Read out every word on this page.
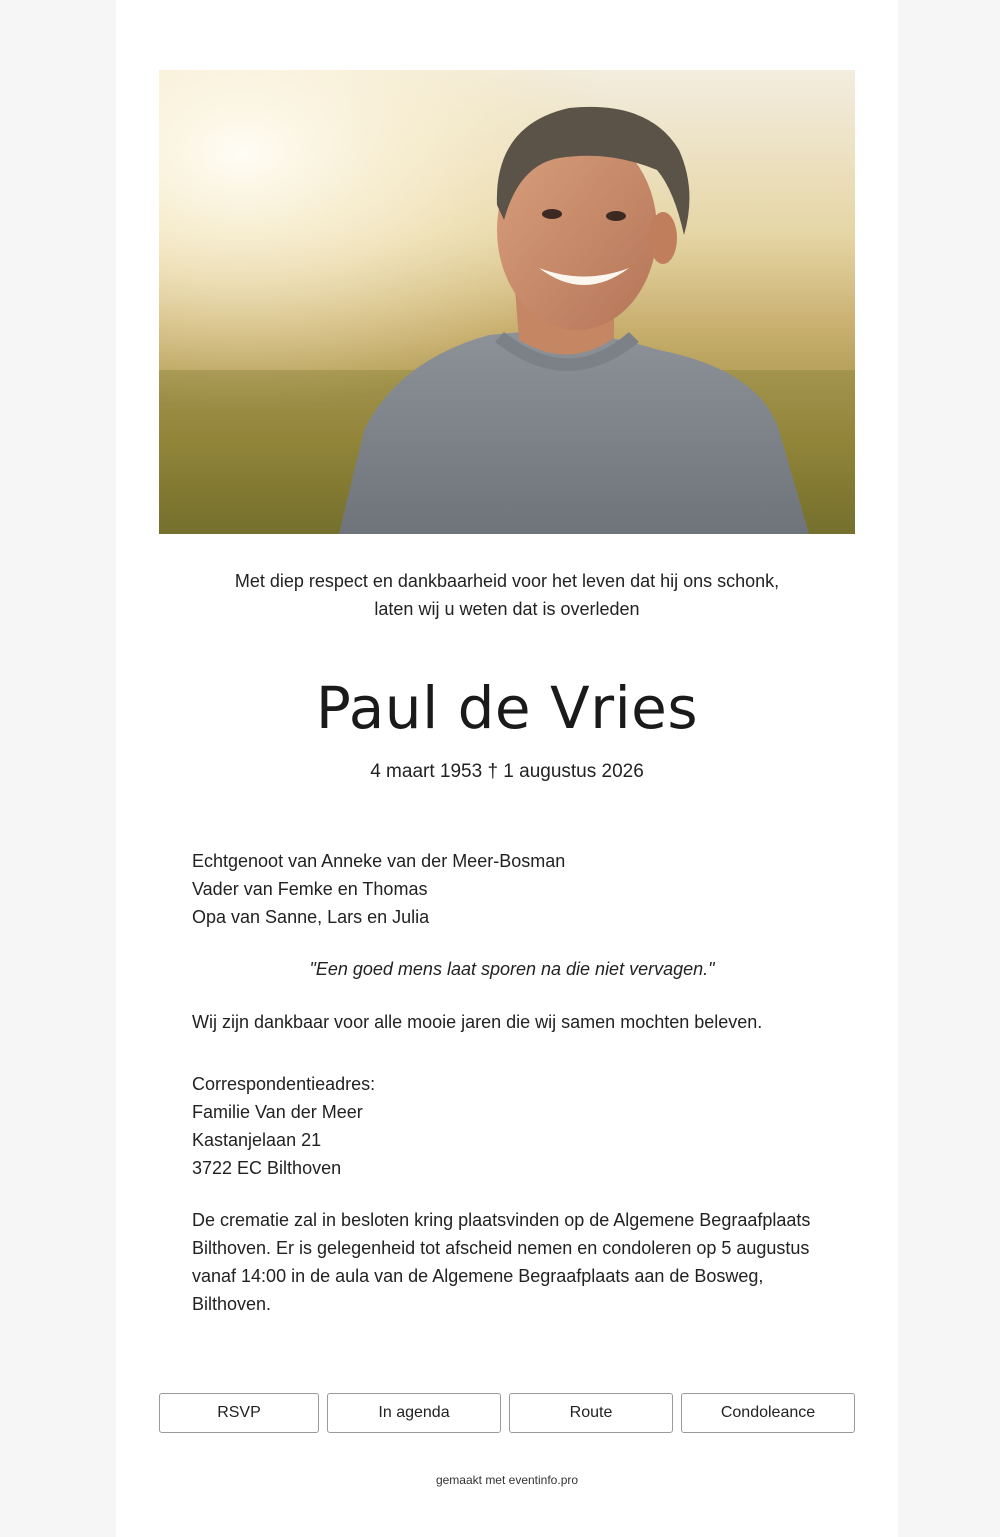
Met diep respect en dankbaarheid voor het leven dat hij ons schonk,
laten wij u weten dat is overleden
Paul de Vries
4 maart 1953 † 1 augustus 2026
Echtgenoot van Anneke van der Meer-Bosman
Vader van Femke en Thomas
Opa van Sanne, Lars en Julia
"Een goed mens laat sporen na die niet vervagen."
Wij zijn dankbaar voor alle mooie jaren die wij samen mochten beleven.
Correspondentieadres:
Familie Van der Meer
Kastanjelaan 21
3722 EC Bilthoven
De crematie zal in besloten kring plaatsvinden op de Algemene Begraafplaats Bilthoven. Er is gelegenheid tot afscheid nemen en condoleren op 5 augustus vanaf 14:00 in de aula van de Algemene Begraafplaats aan de Bosweg, Bilthoven.
RSVP	In agenda	Route	Condoleance
gemaakt met eventinfo.pro
